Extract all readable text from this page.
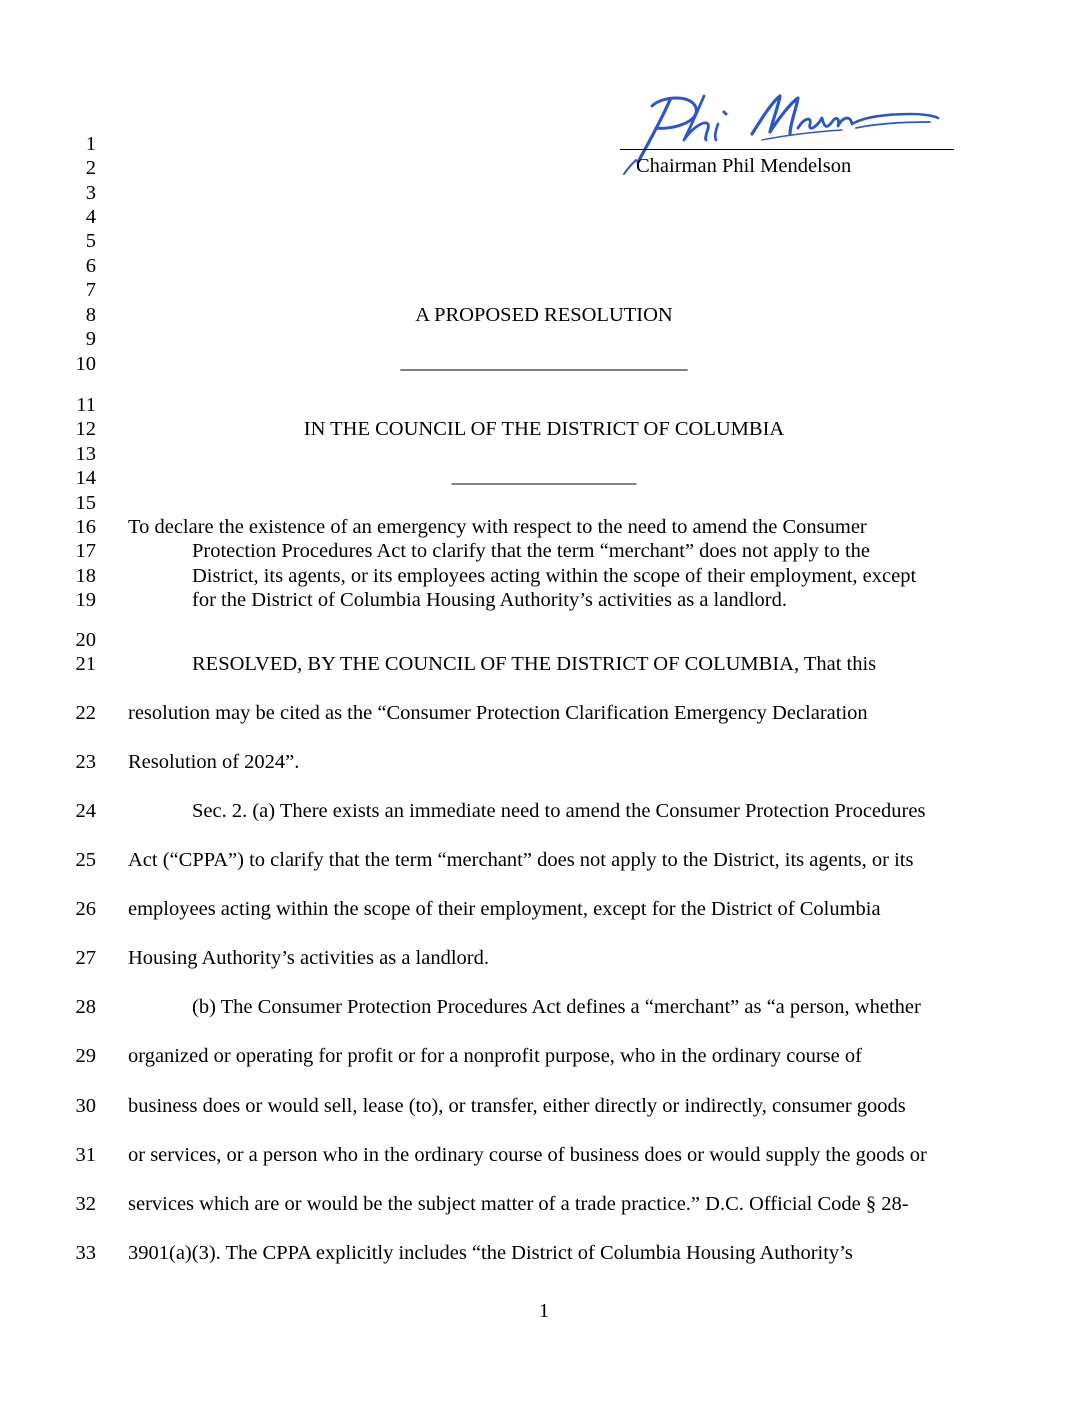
Chairman Phil Mendelson
1
2
3
4
5
6
7
8
9
10
11
12
13
14
15
16
17
18
19
20
21
22
23
24
25
26
27
28
29
30
31
32
33
A PROPOSED RESOLUTION
____________________________
IN THE COUNCIL OF THE DISTRICT OF COLUMBIA
__________________
To declare the existence of an emergency with respect to the need to amend the Consumer
Protection Procedures Act to clarify that the term “merchant” does not apply to the
District, its agents, or its employees acting within the scope of their employment, except
for the District of Columbia Housing Authority’s activities as a landlord.
RESOLVED, BY THE COUNCIL OF THE DISTRICT OF COLUMBIA, That this
resolution may be cited as the “Consumer Protection Clarification Emergency Declaration
Resolution of 2024”.
Sec. 2. (a) There exists an immediate need to amend the Consumer Protection Procedures
Act (“CPPA”) to clarify that the term “merchant” does not apply to the District, its agents, or its
employees acting within the scope of their employment, except for the District of Columbia
Housing Authority’s activities as a landlord.
(b) The Consumer Protection Procedures Act defines a “merchant” as “a person, whether
organized or operating for profit or for a nonprofit purpose, who in the ordinary course of
business does or would sell, lease (to), or transfer, either directly or indirectly, consumer goods
or services, or a person who in the ordinary course of business does or would supply the goods or
services which are or would be the subject matter of a trade practice.” D.C. Official Code § 28-
3901(a)(3). The CPPA explicitly includes “the District of Columbia Housing Authority’s
1
